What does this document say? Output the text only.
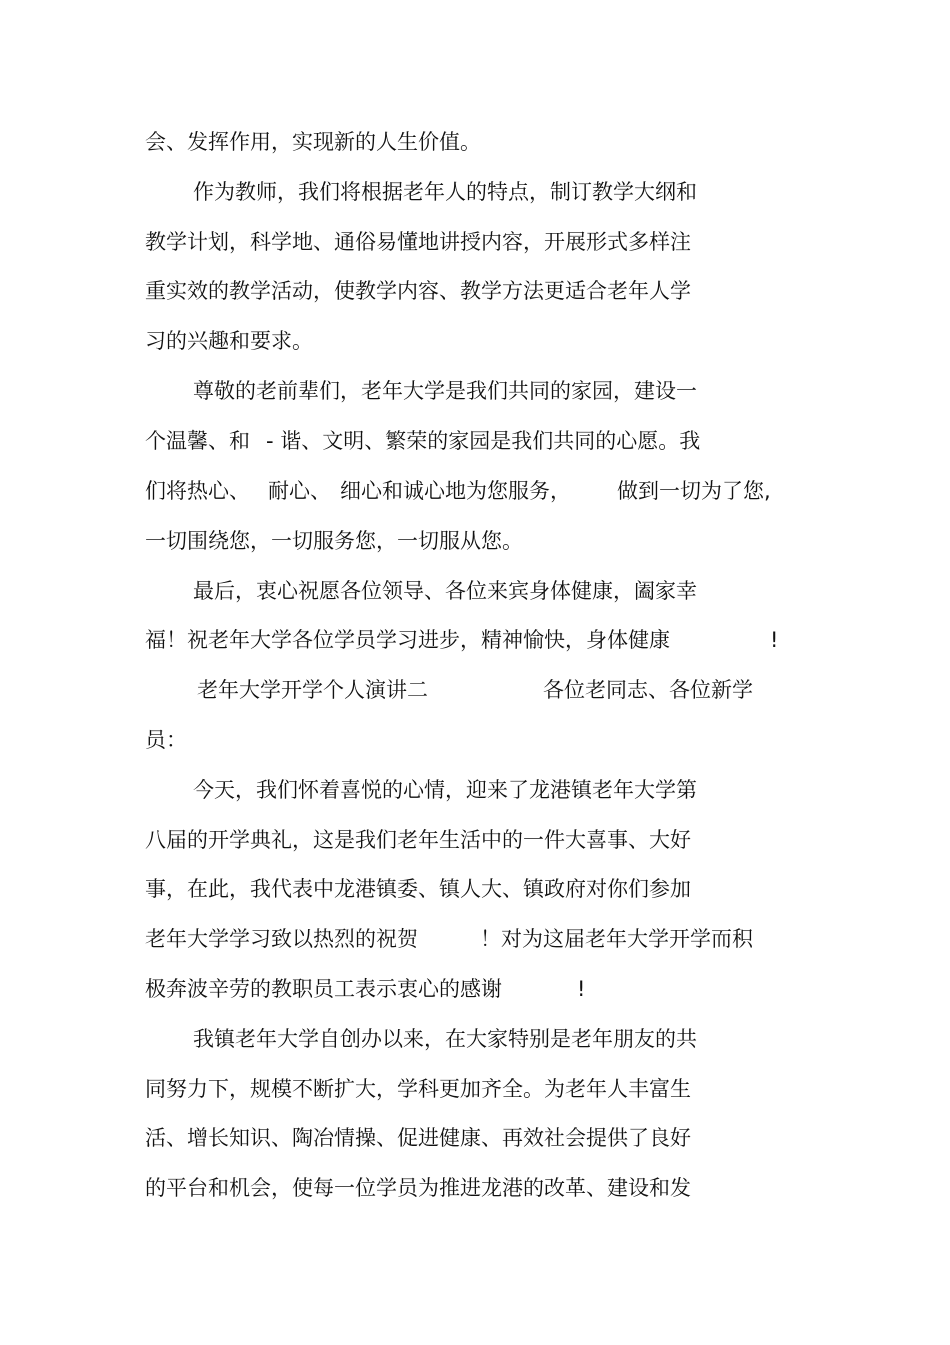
会、发挥作用，实现新的人生价值。

作为教师，我们将根据老年人的特点，制订教学大纲和

教学计划，科学地、通俗易懂地讲授内容，开展形式多样注

重实效的教学活动，使教学内容、教学方法更适合老年人学

习的兴趣和要求。

尊敬的老前辈们，老年大学是我们共同的家园，建设一

个温馨、和

- 谐、文明、繁荣的家园是我们共同的心愿。我

们将热心、

耐心、

细心和诚心地为您服务，

做到一切为了您,

一切围绕您，一切服务您，一切服从您。

最后，衷心祝愿各位领导、各位来宾身体健康，阖家幸

福！祝老年大学各位学员学习进步，精神愉快，身体健康

	!

老年大学开学个人演讲二

	各位老同志、各位新学

员：

今天，我们怀着喜悦的心情，迎来了龙港镇老年大学第

八届的开学典礼，这是我们老年生活中的一件大喜事、大好

事，在此，我代表中龙港镇委、镇人大、镇政府对你们参加

老年大学学习致以热烈的祝贺

	！对为这届老年大学开学而积

极奔波辛劳的教职员工表示衷心的感谢

	!

我镇老年大学自创办以来，在大家特别是老年朋友的共

同努力下，规模不断扩大，学科更加齐全。为老年人丰富生

活、增长知识、陶冶情操、促进健康、再效社会提供了良好

的平台和机会，使每一位学员为推进龙港的改革、建设和发
